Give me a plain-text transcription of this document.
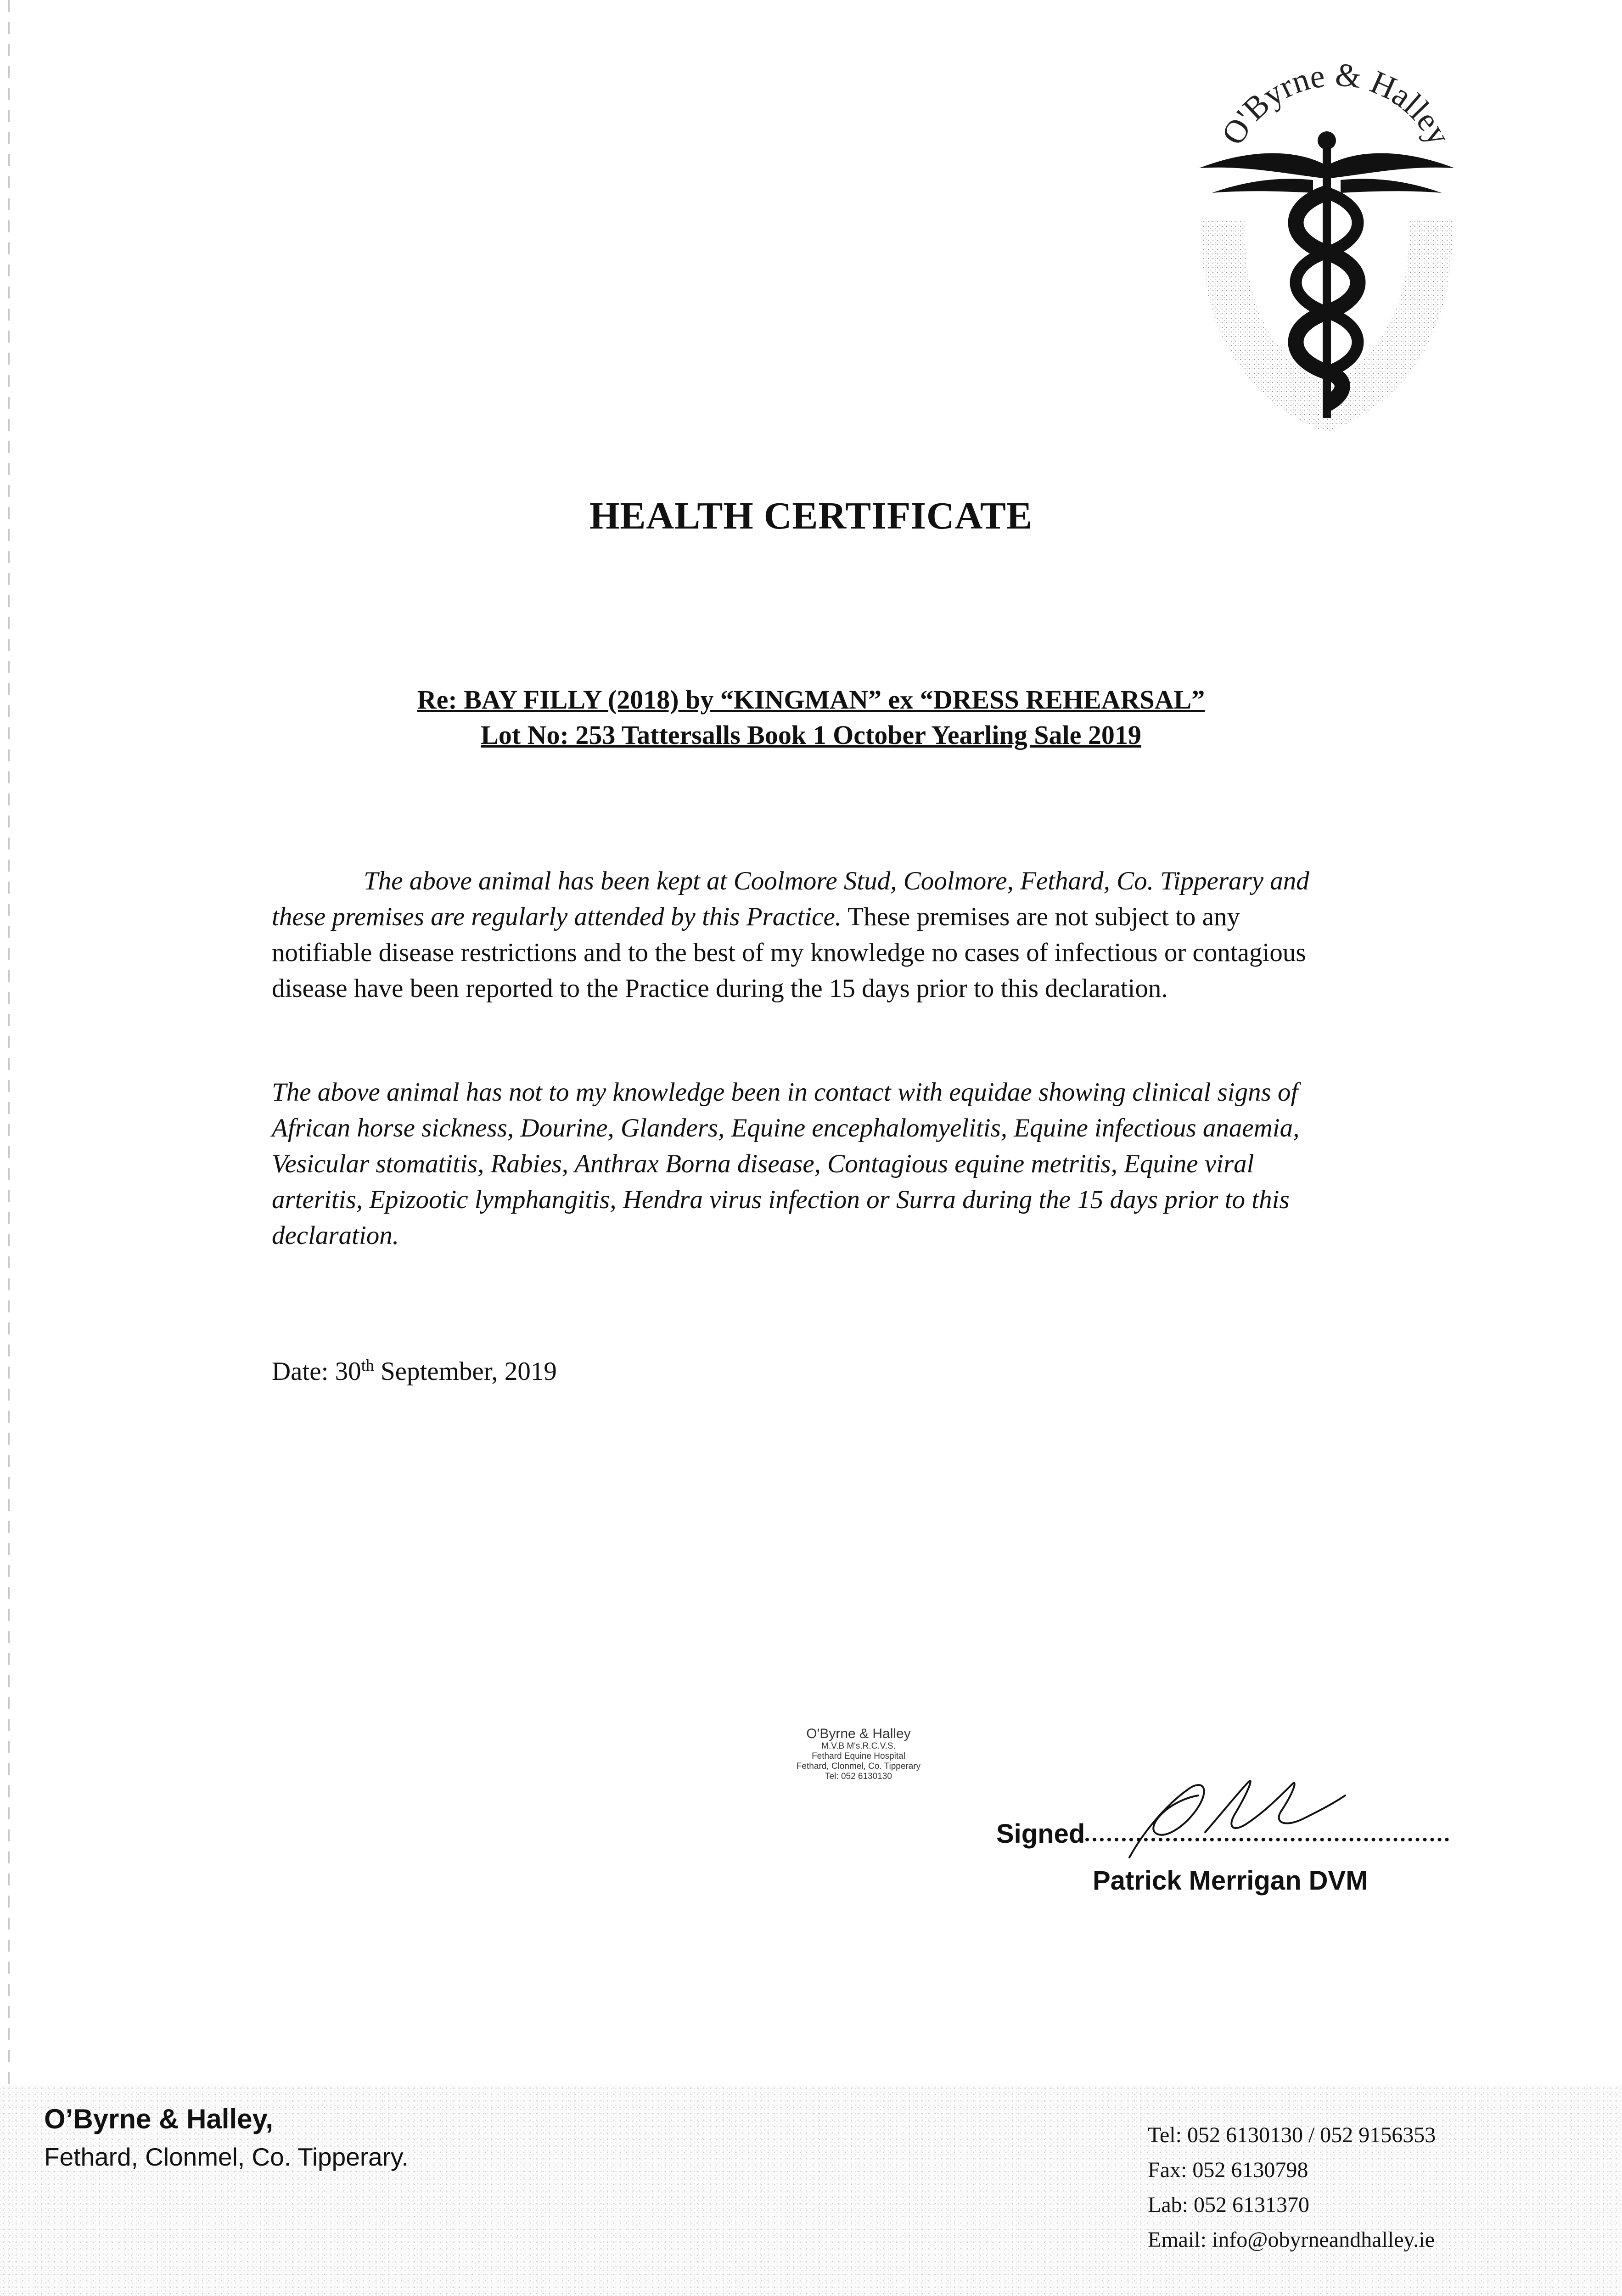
O'Byrne & Halley
HEALTH CERTIFICATE
Re: BAY FILLY (2018) by “KINGMAN” ex “DRESS REHEARSAL”
Lot No: 253 Tattersalls Book 1 October Yearling Sale 2019

The above animal has been kept at Coolmore Stud, Coolmore, Fethard, Co. Tipperary and these premises are regularly attended by this Practice. These premises are not subject to any notifiable disease restrictions and to the best of my knowledge no cases of infectious or contagious disease have been reported to the Practice during the 15 days prior to this declaration.

The above animal has not to my knowledge been in contact with equidae showing clinical signs of African horse sickness, Dourine, Glanders, Equine encephalomyelitis, Equine infectious anaemia, Vesicular stomatitis, Rabies, Anthrax Borna disease, Contagious equine metritis, Equine viral arteritis, Epizootic lymphangitis, Hendra virus infection or Surra during the 15 days prior to this declaration.

Date: 30th September, 2019
O'Byrne & Halley
M.V.B M's.R.C.V.S.
Fethard Equine Hospital
Fethard, Clonmel, Co. Tipperary
Tel: 052 6130130
Signed
Patrick Merrigan DVM
O’Byrne & Halley,
Fethard, Clonmel, Co. Tipperary.
Tel: 052 6130130 / 052 9156353
Fax: 052 6130798
Lab: 052 6131370
Email: info@obyrneandhalley.ie
